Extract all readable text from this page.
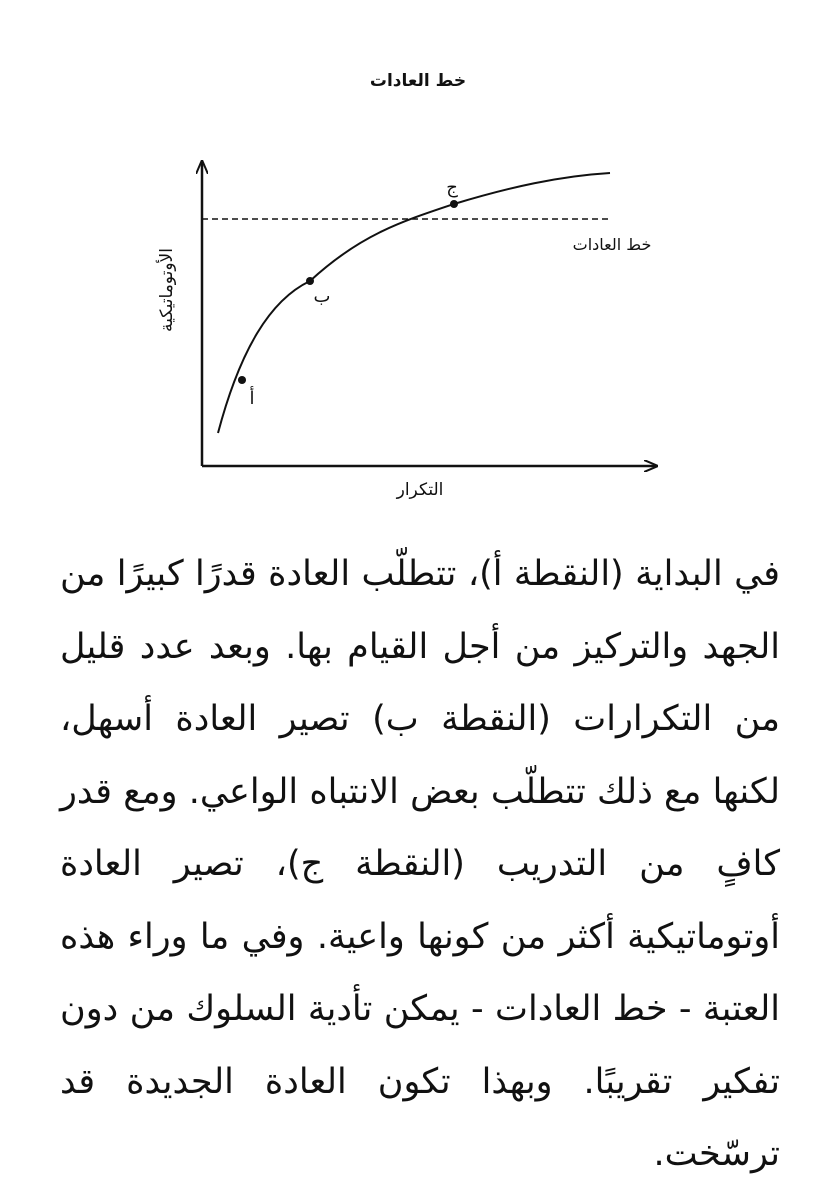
خط العادات
خط العادات
أ
ب
ج
الأوتوماتيكية
التكرار
في البداية (النقطة أ)، تتطلّب العادة قدرًا كبيرًا من الجهد والتركيز من أجل القيام بها. وبعد عدد قليل من التكرارات (النقطة ب) تصير العادة أسهل، لكنها مع ذلك تتطلّب بعض الانتباه الواعي. ومع قدر كافٍ من التدريب (النقطة ج)، تصير العادة أوتوماتيكية أكثر من كونها واعية. وفي ما وراء هذه العتبة - خط العادات - يمكن تأدية السلوك من دون تفكير تقريبًا. وبهذا تكون العادة الجديدة قد ترسّخت.
